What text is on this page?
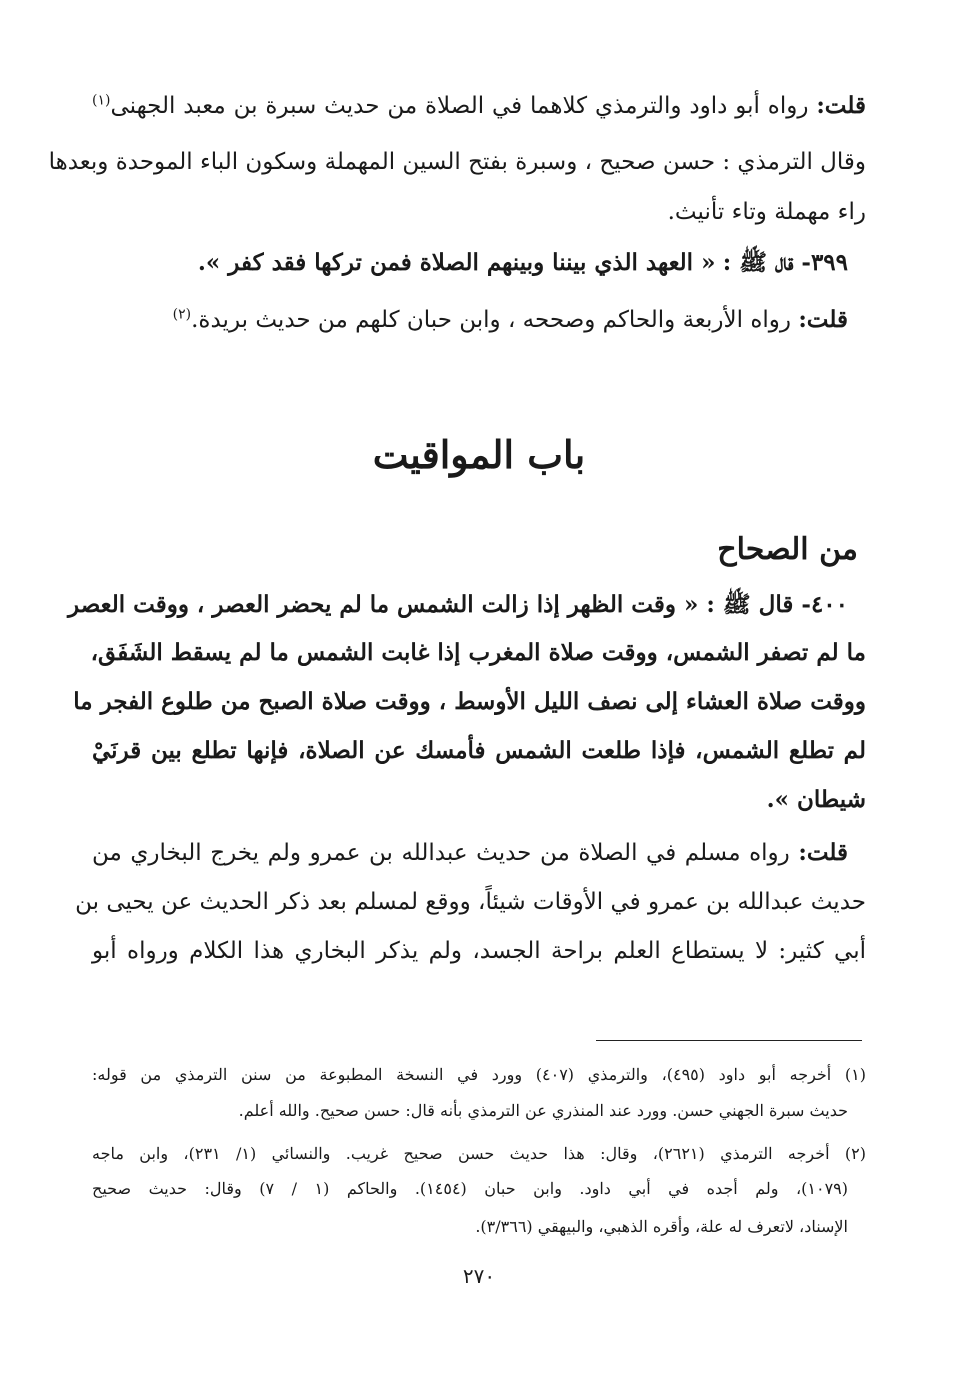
قلت: رواه أبو داود والترمذي كلاهما في الصلاة من حديث سبرة بن معبد الجهنى$^{(١)}$
وقال الترمذي : حسن صحيح ، وسبرة بفتح السين المهملة وسكون الباء الموحدة وبعدها
راء مهملة وتاء تأنيث.
٣٩٩- قال ﷺ : « العهد الذي بيننا وبينهم الصلاة فمن تركها فقد كفر ».
قلت: رواه الأربعة والحاكم وصححه ، وابن حبان كلهم من حديث بريدة.$^{(٢)}$
باب المواقيت
من الصحاح
٤٠٠- قال ﷺ : « وقت الظهر إذا زالت الشمس ما لم يحضر العصر ، ووقت العصر
ما لم تصفر الشمس، ووقت صلاة المغرب إذا غابت الشمس ما لم يسقط الشَفَق،
ووقت صلاة العشاء إلى نصف الليل الأوسط ، ووقت صلاة الصبح من طلوع الفجر ما
لم تطلع الشمس، فإذا طلعت الشمس فأمسك عن الصلاة، فإنها تطلع بين قرنَيْ
شيطان ».
قلت: رواه مسلم في الصلاة من حديث عبدالله بن عمرو ولم يخرج البخاري من
حديث عبدالله بن عمرو في الأوقات شيئاً، ووقع لمسلم بعد ذكر الحديث عن يحيى بن
أبي كثير: لا يستطاع العلم براحة الجسد، ولم يذكر البخاري هذا الكلام ورواه أبو
(١) أخرجه أبو داود (٤٩٥)، والترمذي (٤٠٧) وورد في النسخة المطبوعة من سنن الترمذي من قوله:
حديث سبرة الجهني حسن. وورد عند المنذري عن الترمذي بأنه قال: حسن صحيح. والله أعلم.
(٢) أخرجه الترمذي (٢٦٢١)، وقال: هذا حديث حسن صحيح غريب. والنسائي (١/ ٢٣١)، وابن ماجه
(١٠٧٩)، ولم أجده في أبي داود. وابن حبان (١٤٥٤). والحاكم (١ / ٧) وقال: حديث صحيح
الإسناد، لاتعرف له علة، وأقره الذهبي، والبيهقي (٣/٣٦٦).
٢٧٠
